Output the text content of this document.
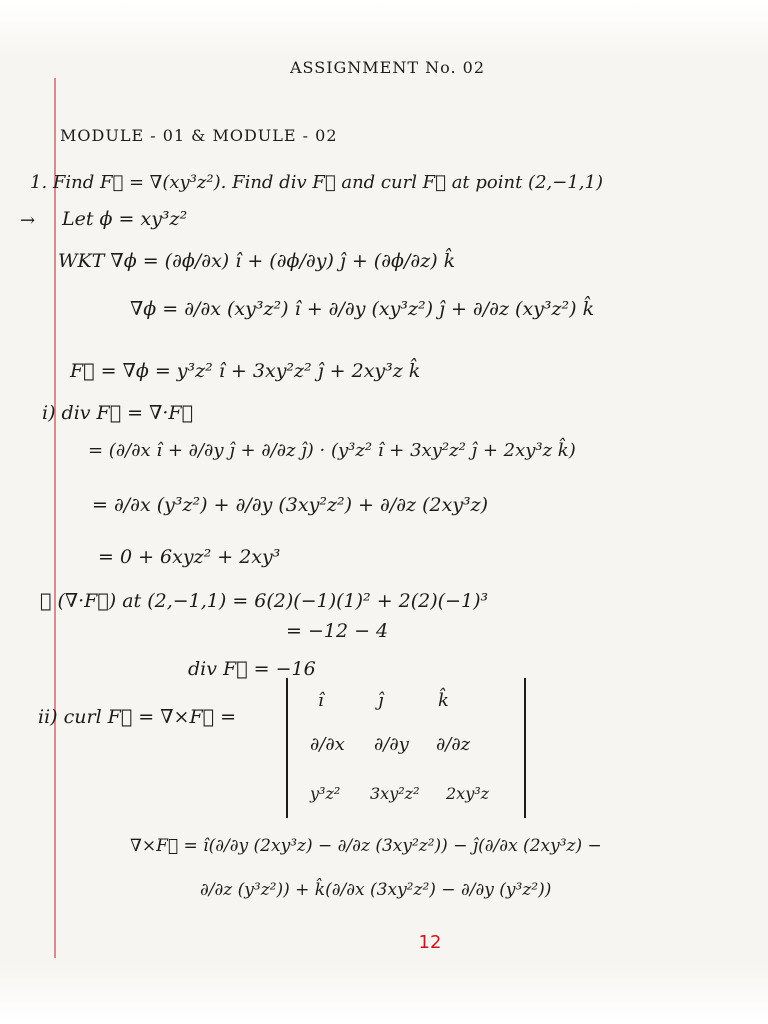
ASSIGNMENT No. 02
MODULE - 01 & MODULE - 02
1. Find F⃗ = ∇(xy³z²). Find div F⃗ and curl F⃗ at point (2,−1,1)
→ Let ϕ = xy³z²
WKT ∇ϕ = (∂ϕ/∂x) î + (∂ϕ/∂y) ĵ + (∂ϕ/∂z) k̂
∇ϕ = ∂/∂x (xy³z²) î + ∂/∂y (xy³z²) ĵ + ∂/∂z (xy³z²) k̂
F⃗ = ∇ϕ = y³z² î + 3xy²z² ĵ + 2xy³z k̂
i) div F⃗ = ∇·F⃗
= (∂/∂x î + ∂/∂y ĵ + ∂/∂z ĵ) · (y³z² î + 3xy²z² ĵ + 2xy³z k̂)
= ∂/∂x (y³z²) + ∂/∂y (3xy²z²) + ∂/∂z (2xy³z)
= 0 + 6xyz² + 2xy³
∴ (∇·F⃗) at (2,−1,1) = 6(2)(−1)(1)² + 2(2)(−1)³
= −12 − 4
div F⃗ = −16
ii) curl F⃗ = ∇×F⃗ =
î	ĵ	k̂
∂/∂x ∂/∂y ∂/∂z
y³z² 3xy²z² 2xy³z
∇×F⃗ = î(∂/∂y (2xy³z) − ∂/∂z (3xy²z²)) − ĵ(∂/∂x (2xy³z) −
∂/∂z (y³z²)) + k̂(∂/∂x (3xy²z²) − ∂/∂y (y³z²))
12
